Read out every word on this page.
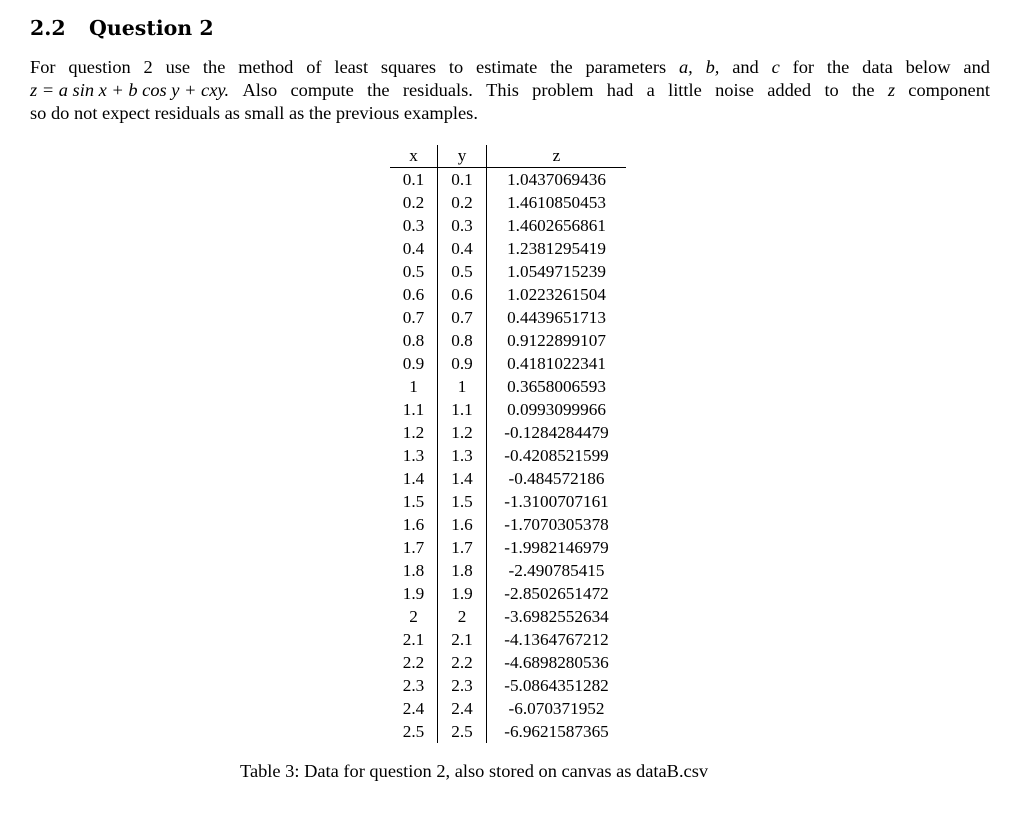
2.2 Question 2
For question 2 use the method of least squares to estimate the parameters a, b, and c for the data below and
z = a sin x + b cos y + cxy. Also compute the residuals. This problem had a little noise added to the z component
so do not expect residuals as small as the previous examples.
x	y	z
0.1	0.1	1.0437069436
0.2	0.2	1.4610850453
0.3	0.3	1.4602656861
0.4	0.4	1.2381295419
0.5	0.5	1.0549715239
0.6	0.6	1.0223261504
0.7	0.7	0.4439651713
0.8	0.8	0.9122899107
0.9	0.9	0.4181022341
1	1	0.3658006593
1.1	1.1	0.0993099966
1.2	1.2	-0.1284284479
1.3	1.3	-0.4208521599
1.4	1.4	-0.484572186
1.5	1.5	-1.3100707161
1.6	1.6	-1.7070305378
1.7	1.7	-1.9982146979
1.8	1.8	-2.490785415
1.9	1.9	-2.8502651472
2	2	-3.6982552634
2.1	2.1	-4.1364767212
2.2	2.2	-4.6898280536
2.3	2.3	-5.0864351282
2.4	2.4	-6.070371952
2.5	2.5	-6.9621587365
Table 3: Data for question 2, also stored on canvas as dataB.csv
